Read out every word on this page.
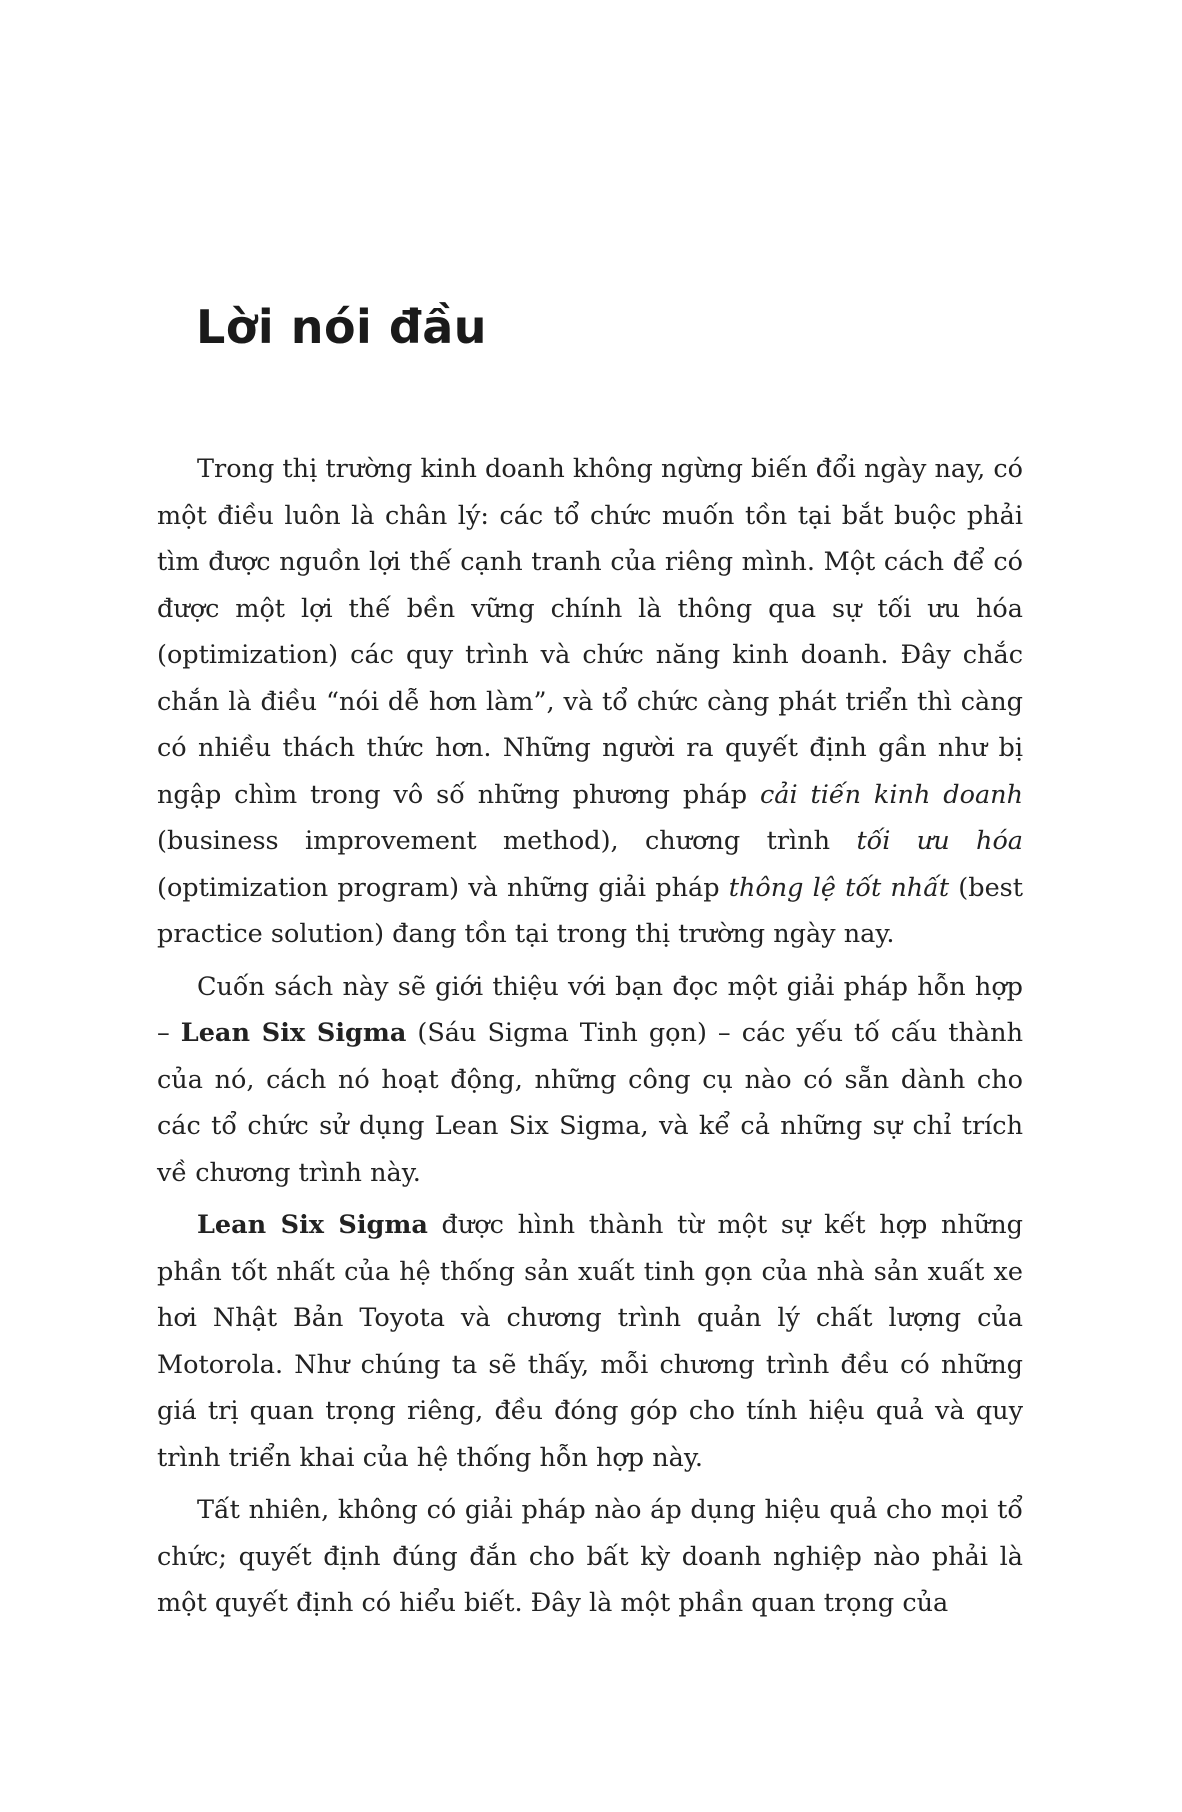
Lời nói đầu

Trong thị trường kinh doanh không ngừng biến đổi ngày nay, có một điều luôn là chân lý: các tổ chức muốn tồn tại bắt buộc phải tìm được nguồn lợi thế cạnh tranh của riêng mình. Một cách để có được một lợi thế bền vững chính là thông qua sự tối ưu hóa (optimization) các quy trình và chức năng kinh doanh. Đây chắc chắn là điều “nói dễ hơn làm”, và tổ chức càng phát triển thì càng có nhiều thách thức hơn. Những người ra quyết định gần như bị ngập chìm trong vô số những phương pháp cải tiến kinh doanh (business improvement method), chương trình tối ưu hóa (optimization program) và những giải pháp thông lệ tốt nhất (best practice solution) đang tồn tại trong thị trường ngày nay.

Cuốn sách này sẽ giới thiệu với bạn đọc một giải pháp hỗn hợp – Lean Six Sigma (Sáu Sigma Tinh gọn) – các yếu tố cấu thành của nó, cách nó hoạt động, những công cụ nào có sẵn dành cho các tổ chức sử dụng Lean Six Sigma, và kể cả những sự chỉ trích về chương trình này.

Lean Six Sigma được hình thành từ một sự kết hợp những phần tốt nhất của hệ thống sản xuất tinh gọn của nhà sản xuất xe hơi Nhật Bản Toyota và chương trình quản lý chất lượng của Motorola. Như chúng ta sẽ thấy, mỗi chương trình đều có những giá trị quan trọng riêng, đều đóng góp cho tính hiệu quả và quy trình triển khai của hệ thống hỗn hợp này.

Tất nhiên, không có giải pháp nào áp dụng hiệu quả cho mọi tổ chức; quyết định đúng đắn cho bất kỳ doanh nghiệp nào phải là một quyết định có hiểu biết. Đây là một phần quan trọng của
